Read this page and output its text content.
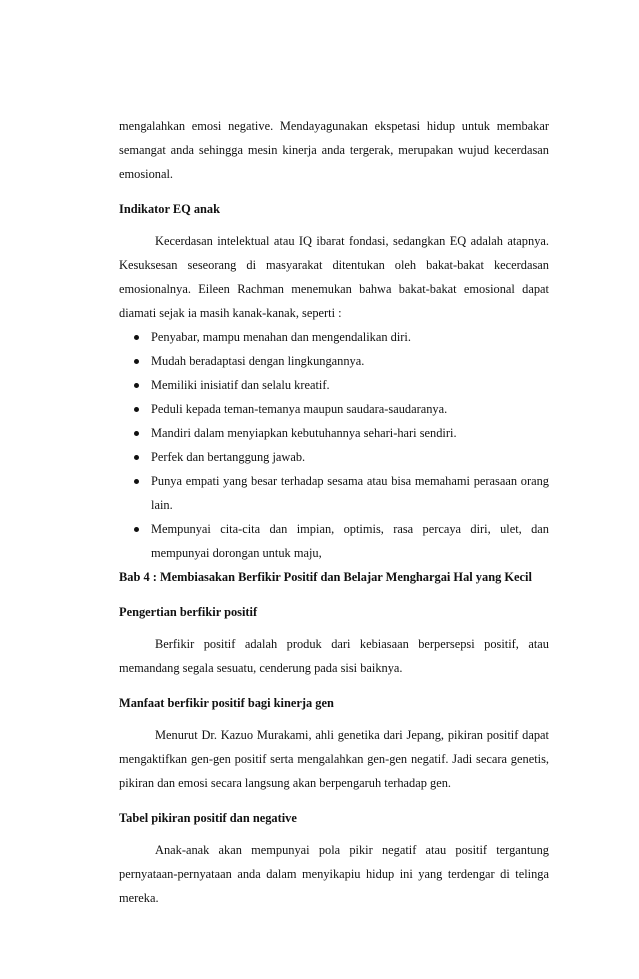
mengalahkan emosi negative. Mendayagunakan ekspetasi hidup untuk membakar semangat anda sehingga mesin kinerja anda tergerak, merupakan wujud kecerdasan emosional.

Indikator EQ anak

Kecerdasan intelektual atau IQ ibarat fondasi, sedangkan EQ adalah atapnya. Kesuksesan seseorang di masyarakat ditentukan oleh bakat-bakat kecerdasan emosionalnya. Eileen Rachman menemukan bahwa bakat-bakat emosional dapat diamati sejak ia masih kanak-kanak, seperti :

Penyabar, mampu menahan dan mengendalikan diri.
Mudah beradaptasi dengan lingkungannya.
Memiliki inisiatif dan selalu kreatif.
Peduli kepada teman-temanya maupun saudara-saudaranya.
Mandiri dalam menyiapkan kebutuhannya sehari-hari sendiri.
Perfek dan bertanggung jawab.
Punya empati yang besar terhadap sesama atau bisa memahami perasaan orang lain.
Mempunyai cita-cita dan impian, optimis, rasa percaya diri, ulet, dan mempunyai dorongan untuk maju,

Bab 4 : Membiasakan Berfikir Positif dan Belajar Menghargai Hal yang Kecil

Pengertian berfikir positif

Berfikir positif adalah produk dari kebiasaan berpersepsi positif, atau memandang segala sesuatu, cenderung pada sisi baiknya.

Manfaat berfikir positif bagi kinerja gen

Menurut Dr. Kazuo Murakami, ahli genetika dari Jepang, pikiran positif dapat mengaktifkan gen-gen positif serta mengalahkan gen-gen negatif. Jadi secara genetis, pikiran dan emosi secara langsung akan berpengaruh terhadap gen.

Tabel pikiran positif dan negative

Anak-anak akan mempunyai pola pikir negatif atau positif tergantung pernyataan-pernyataan anda dalam menyikapiu hidup ini yang terdengar di telinga mereka.
